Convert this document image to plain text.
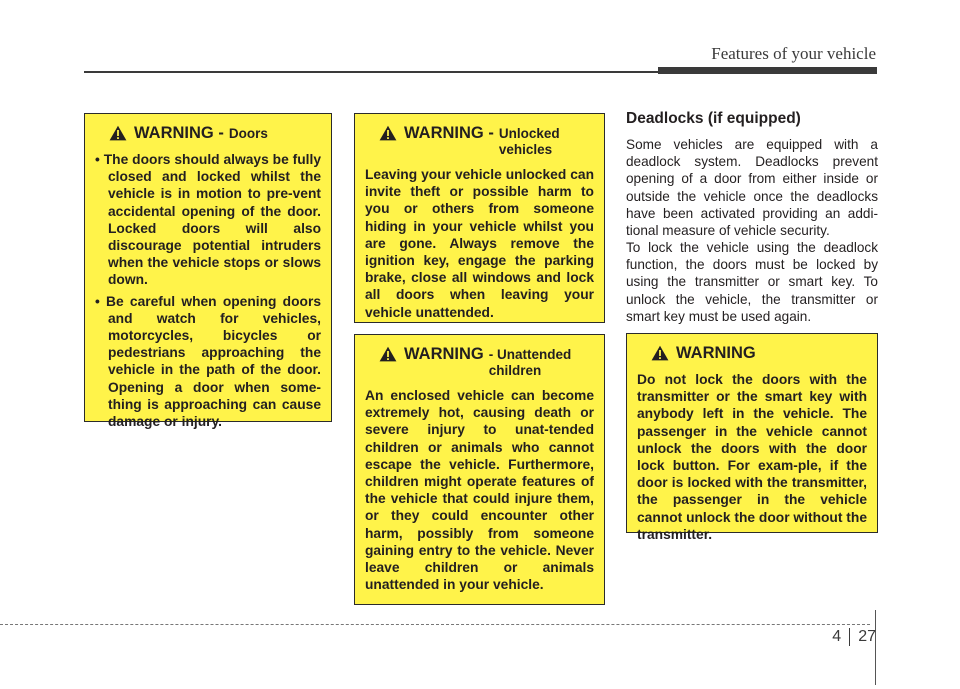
Features of your vehicle
WARNING - Doors
• The doors should always be fully closed and locked whilst the vehicle is in motion to pre-vent accidental opening of the door. Locked doors will also discourage potential intruders when the vehicle stops or slows down.
• Be careful when opening doors and watch for vehicles, motorcycles, bicycles or pedestrians approaching the vehicle in the path of the door. Opening a door when some-thing is approaching can cause damage or injury.
WARNING - Unlocked vehicles

Leaving your vehicle unlocked can invite theft or possible harm to you or others from someone hiding in your vehicle whilst you are gone. Always remove the ignition key, engage the parking brake, close all windows and lock all doors when leaving your vehicle unattended.

WARNING - Unattended children

An enclosed vehicle can become extremely hot, causing death or severe injury to unat-tended children or animals who cannot escape the vehicle. Furthermore, children might operate features of the vehicle that could injure them, or they could encounter other harm, possibly from someone gaining entry to the vehicle. Never leave children or animals unattended in your vehicle.

Deadlocks (if equipped)

Some vehicles are equipped with a deadlock system. Deadlocks prevent opening of a door from either inside or outside the vehicle once the deadlocks have been activated providing an addi-tional measure of vehicle security.

To lock the vehicle using the deadlock function, the doors must be locked by using the transmitter or smart key. To unlock the vehicle, the transmitter or smart key must be used again.

WARNING

Do not lock the doors with the transmitter or the smart key with anybody left in the vehicle. The passenger in the vehicle cannot unlock the doors with the door lock button. For exam-ple, if the door is locked with the transmitter, the passenger in the vehicle cannot unlock the door without the transmitter.

4 27
